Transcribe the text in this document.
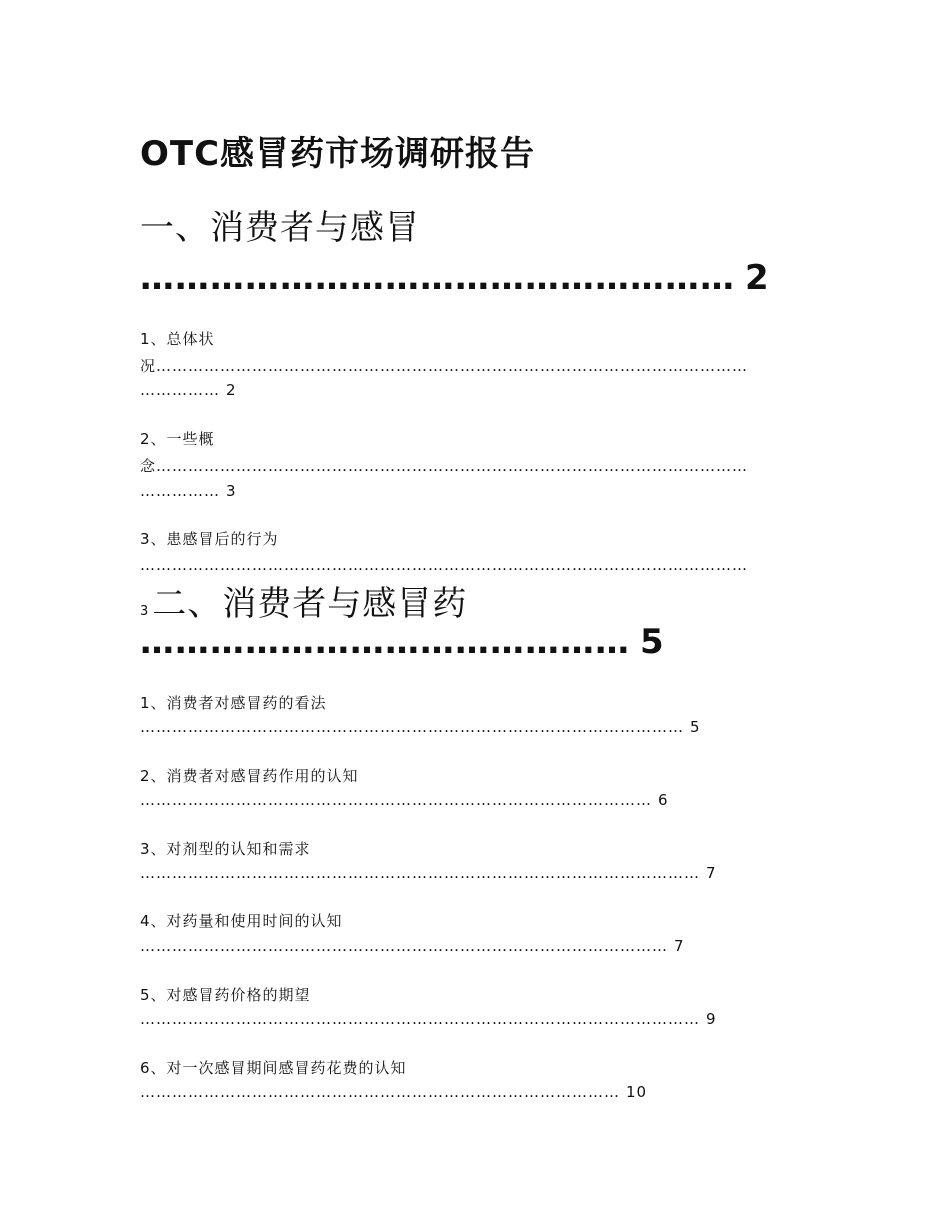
OTC感冒药市场调研报告
一、消费者与感冒
…………………………………………… 2
1、总体状
况…………………………………………………………………………………………………
…………… 2
2、一些概
念…………………………………………………………………………………………………
…………… 3
3、患感冒后的行为
……………………………………………………………………………………………………
3 二、消费者与感冒药
…………………………………… 5
1、消费者对感冒药的看法
………………………………………………………………………………………… 5
2、消费者对感冒药作用的认知
…………………………………………………………………………………… 6
3、对剂型的认知和需求
…………………………………………………………………………………………… 7
4、对药量和使用时间的认知
……………………………………………………………………………………… 7
5、对感冒药价格的期望
…………………………………………………………………………………………… 9
6、对一次感冒期间感冒药花费的认知
……………………………………………………………………………… 10
